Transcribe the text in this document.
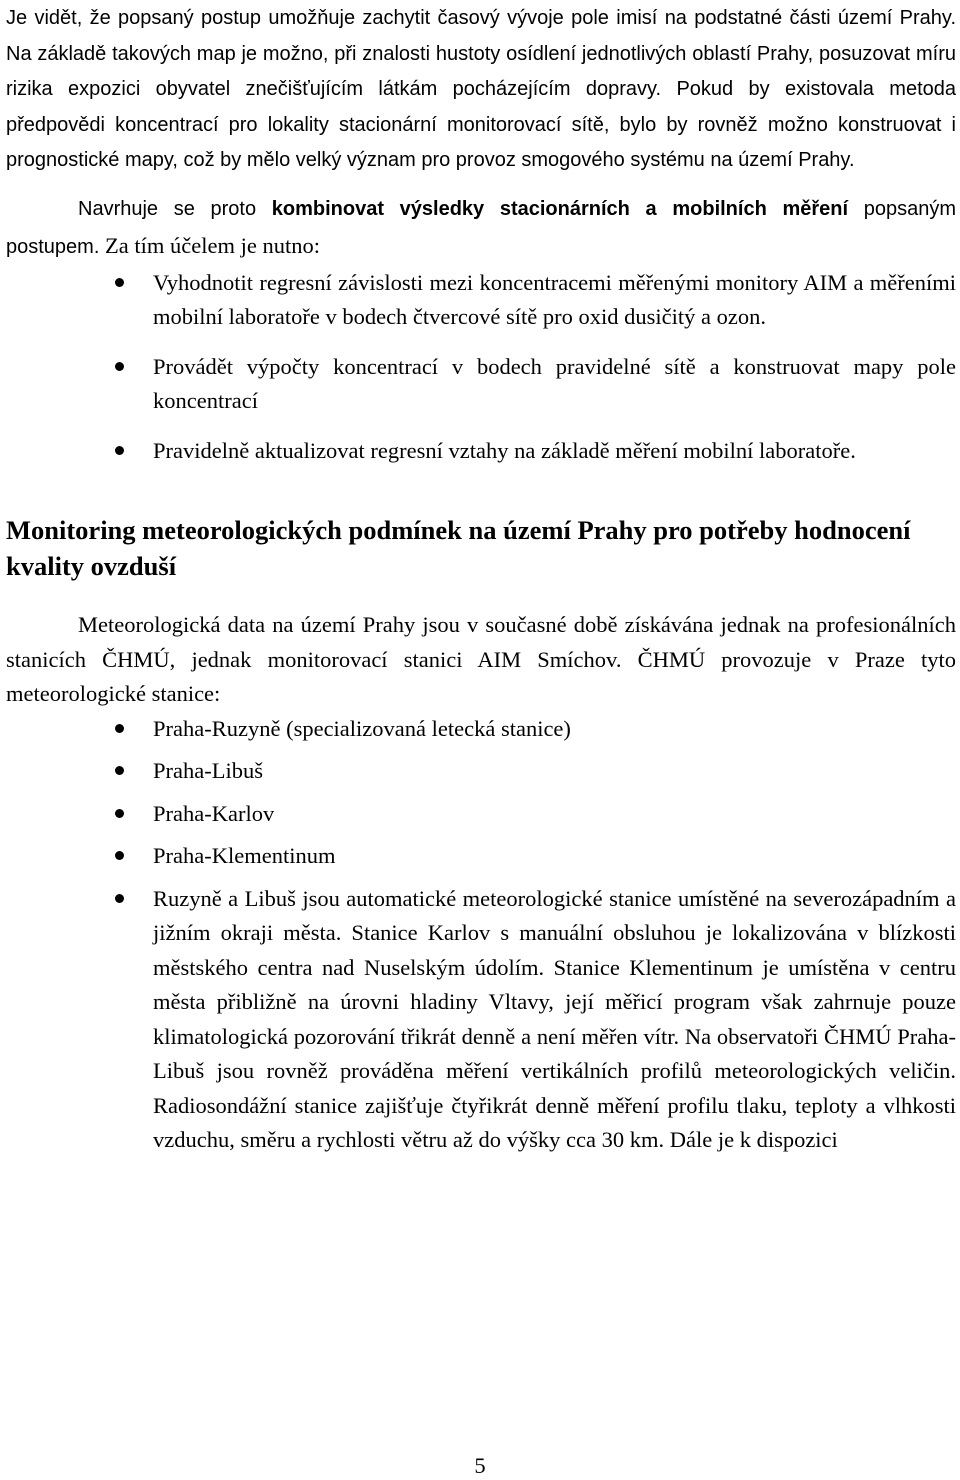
Je vidět, že popsaný postup umožňuje zachytit časový vývoje pole imisí na podstatné části území Prahy. Na základě takových map je možno, při znalosti hustoty osídlení jednotlivých oblastí Prahy, posuzovat míru rizika expozici obyvatel znečišťujícím látkám pocházejícím dopravy. Pokud by existovala metoda předpovědi koncentrací pro lokality stacionární monitorovací sítě, bylo by rovněž možno konstruovat i prognostické mapy, což by mělo velký význam pro provoz smogového systému na území Prahy.

Navrhuje se proto kombinovat výsledky stacionárních a mobilních měření popsaným postupem. Za tím účelem je nutno:

Vyhodnotit regresní závislosti mezi koncentracemi měřenými monitory AIM a měřeními mobilní laboratoře v bodech čtvercové sítě pro oxid dusičitý a ozon.
Provádět výpočty koncentrací v bodech pravidelné sítě a konstruovat mapy pole koncentrací
Pravidelně aktualizovat regresní vztahy na základě měření mobilní laboratoře.
Monitoring meteorologických podmínek na území Prahy pro potřeby hodnocení kvality ovzduší

Meteorologická data na území Prahy jsou v současné době získávána jednak na profesionálních stanicích ČHMÚ, jednak monitorovací stanici AIM Smíchov. ČHMÚ provozuje v Praze tyto meteorologické stanice:

Praha-Ruzyně (specializovaná letecká stanice)
Praha-Libuš
Praha-Karlov
Praha-Klementinum
Ruzyně a Libuš jsou automatické meteorologické stanice umístěné na severozápadním a jižním okraji města. Stanice Karlov s manuální obsluhou je lokalizována v blízkosti městského centra nad Nuselským údolím. Stanice Klementinum je umístěna v centru města přibližně na úrovni hladiny Vltavy, její měřicí program však zahrnuje pouze klimatologická pozorování třikrát denně a není měřen vítr. Na observatoři ČHMÚ Praha-Libuš jsou rovněž prováděna měření vertikálních profilů meteorologických veličin. Radiosondážní stanice zajišťuje čtyřikrát denně měření profilu tlaku, teploty a vlhkosti vzduchu, směru a rychlosti větru až do výšky cca 30 km. Dále je k dispozici
5
